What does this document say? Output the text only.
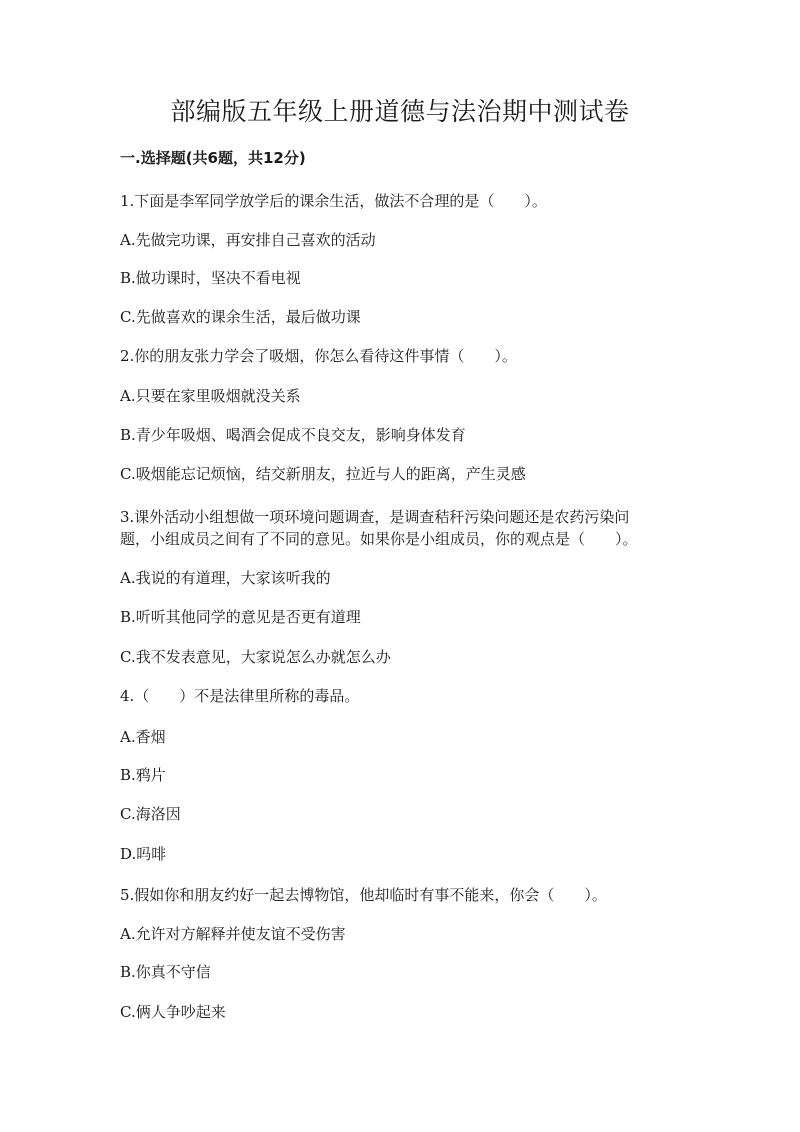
部编版五年级上册道德与法治期中测试卷
一.选择题(共6题，共12分)
1.下面是李军同学放学后的课余生活，做法不合理的是（　　）。
A.先做完功课，再安排自己喜欢的活动
B.做功课时，坚决不看电视
C.先做喜欢的课余生活，最后做功课
2.你的朋友张力学会了吸烟，你怎么看待这件事情（　　）。
A.只要在家里吸烟就没关系
B.青少年吸烟、喝酒会促成不良交友，影响身体发育
C.吸烟能忘记烦恼，结交新朋友，拉近与人的距离，产生灵感
3.课外活动小组想做一项环境问题调查，是调查秸秆污染问题还是农药污染问
题，小组成员之间有了不同的意见。如果你是小组成员，你的观点是（　　）。
A.我说的有道理，大家该听我的
B.听听其他同学的意见是否更有道理
C.我不发表意见，大家说怎么办就怎么办
4.（　　）不是法律里所称的毒品。
A.香烟
B.鸦片
C.海洛因
D.吗啡
5.假如你和朋友约好一起去博物馆，他却临时有事不能来，你会（　　）。
A.允许对方解释并使友谊不受伤害
B.你真不守信
C.俩人争吵起来
